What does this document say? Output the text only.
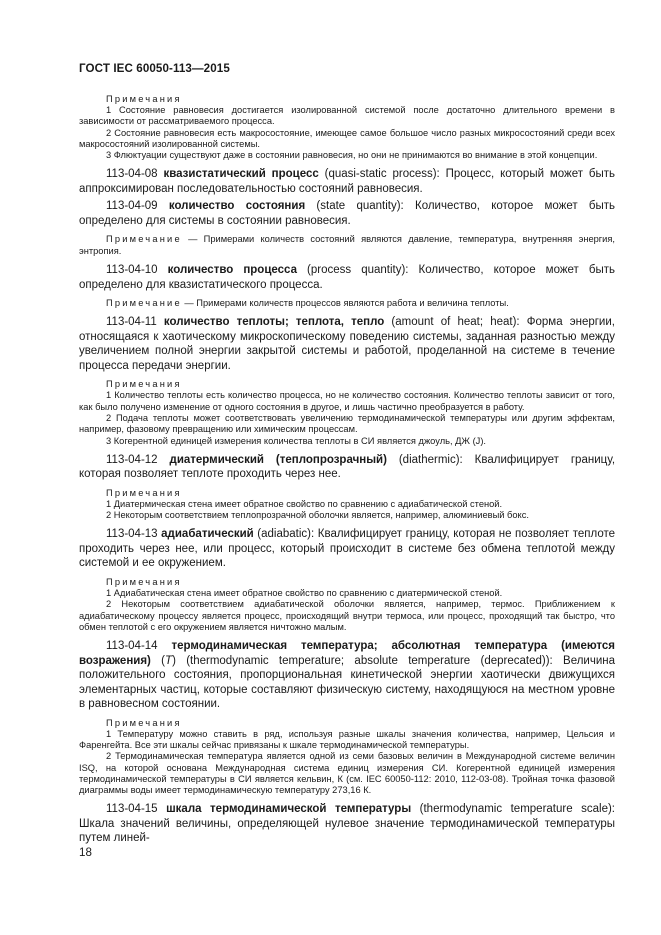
ГОСТ IEC 60050-113—2015

Примечания

1 Состояние равновесия достигается изолированной системой после достаточно длительного времени в зависимости от рассматриваемого процесса.

2 Состояние равновесия есть макросостояние, имеющее самое большое число разных микросостояний среди всех макросостояний изолированной системы.

3 Флюктуации существуют даже в состоянии равновесия, но они не принимаются во внимание в этой концепции.

113-04-08 квазистатический процесс (quasi-static process): Процесс, который может быть аппроксимирован последовательностью состояний равновесия.

113-04-09 количество состояния (state quantity): Количество, которое может быть определено для системы в состоянии равновесия.

Примечание — Примерами количеств состояний являются давление, температура, внутренняя энергия, энтропия.

113-04-10 количество процесса (process quantity): Количество, которое может быть определено для квазистатического процесса.

Примечание — Примерами количеств процессов являются работа и величина теплоты.

113-04-11 количество теплоты; теплота, тепло (amount of heat; heat): Форма энергии, относящаяся к хаотическому микроскопическому поведению системы, заданная разностью между увеличением полной энергии закрытой системы и работой, проделанной на системе в течение процесса передачи энергии.

Примечания

1 Количество теплоты есть количество процесса, но не количество состояния. Количество теплоты зависит от того, как было получено изменение от одного состояния в другое, и лишь частично преобразуется в работу.

2 Подача теплоты может соответствовать увеличению термодинамической температуры или другим эффектам, например, фазовому превращению или химическим процессам.

3 Когерентной единицей измерения количества теплоты в СИ является джоуль, ДЖ (J).

113-04-12 диатермический (теплопрозрачный) (diathermic): Квалифицирует границу, которая позволяет теплоте проходить через нее.

Примечания

1 Диатермическая стена имеет обратное свойство по сравнению с адиабатической стеной.

2 Некоторым соответствием теплопрозрачной оболочки является, например, алюминиевый бокс.

113-04-13 адиабатический (adiabatic): Квалифицирует границу, которая не позволяет теплоте проходить через нее, или процесс, который происходит в системе без обмена теплотой между системой и ее окружением.

Примечания

1 Адиабатическая стена имеет обратное свойство по сравнению с диатермической стеной.

2 Некоторым соответствием адиабатической оболочки является, например, термос. Приближением к адиабатическому процессу является процесс, происходящий внутри термоса, или процесс, проходящий так быстро, что обмен теплотой с его окружением является ничтожно малым.

113-04-14 термодинамическая температура; абсолютная температура (имеются возражения) (T) (thermodynamic temperature; absolute temperature (deprecated)): Величина положительного состояния, пропорциональная кинетической энергии хаотически движущихся элементарных частиц, которые составляют физическую систему, находящуюся на местном уровне в равновесном состоянии.

Примечания

1 Температуру можно ставить в ряд, используя разные шкалы значения количества, например, Цельсия и Фаренгейта. Все эти шкалы сейчас привязаны к шкале термодинамической температуры.

2 Термодинамическая температура является одной из семи базовых величин в Международной системе величин ISQ, на которой основана Международная система единиц измерения СИ. Когерентной единицей измерения термодинамической температуры в СИ является кельвин, К (см. IEC 60050-112: 2010, 112-03-08). Тройная точка фазовой диаграммы воды имеет термодинамическую температуру 273,16 К.

113-04-15 шкала термодинамической температуры (thermodynamic temperature scale): Шкала значений величины, определяющей нулевое значение термодинамической температуры путем линей-

18
